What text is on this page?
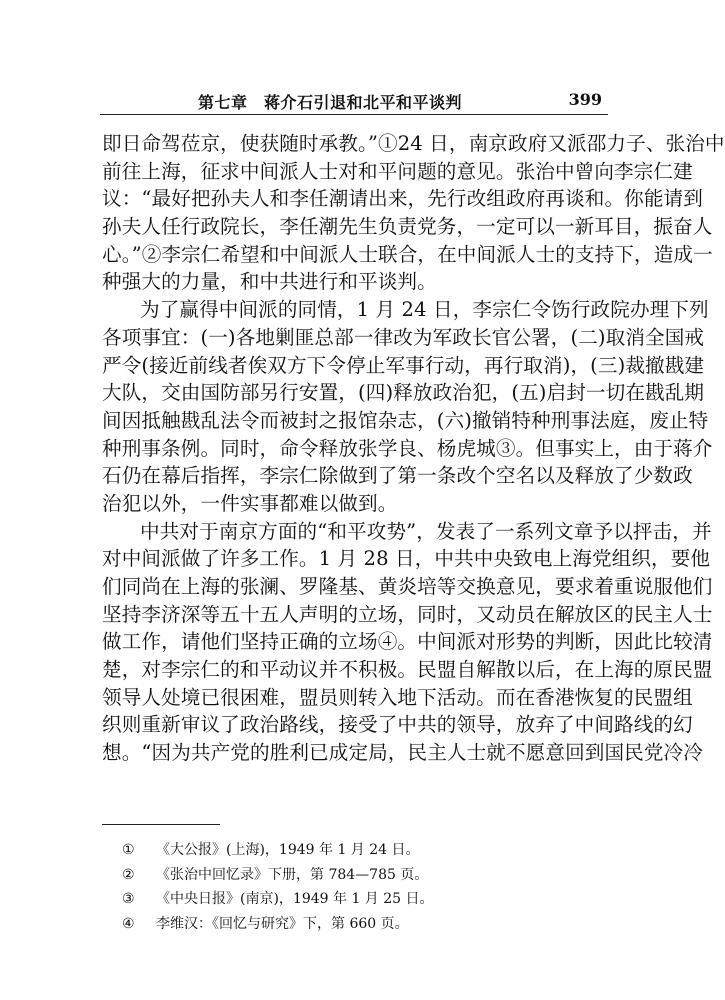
第七章　蒋介石引退和北平和平谈判	399
即日命驾莅京，使获随时承教。”①24 日，南京政府又派邵力子、张治中
前往上海，征求中间派人士对和平问题的意见。张治中曾向李宗仁建
议：“最好把孙夫人和李任潮请出来，先行改组政府再谈和。你能请到
孙夫人任行政院长，李任潮先生负责党务，一定可以一新耳目，振奋人
心。”②李宗仁希望和中间派人士联合，在中间派人士的支持下，造成一
种强大的力量，和中共进行和平谈判。
为了赢得中间派的同情，1 月 24 日，李宗仁令饬行政院办理下列
各项事宜：(一)各地剿匪总部一律改为军政长官公署，(二)取消全国戒
严令(接近前线者俟双方下令停止军事行动，再行取消)，(三)裁撤戡建
大队，交由国防部另行安置，(四)释放政治犯，(五)启封一切在戡乱期
间因抵触戡乱法令而被封之报馆杂志，(六)撤销特种刑事法庭，废止特
种刑事条例。同时，命令释放张学良、杨虎城③。但事实上，由于蒋介
石仍在幕后指挥，李宗仁除做到了第一条改个空名以及释放了少数政
治犯以外，一件实事都难以做到。
中共对于南京方面的“和平攻势”，发表了一系列文章予以抨击，并
对中间派做了许多工作。1 月 28 日，中共中央致电上海党组织，要他
们同尚在上海的张澜、罗隆基、黄炎培等交换意见，要求着重说服他们
坚持李济深等五十五人声明的立场，同时，又动员在解放区的民主人士
做工作，请他们坚持正确的立场④。中间派对形势的判断，因此比较清
楚，对李宗仁的和平动议并不积极。民盟自解散以后，在上海的原民盟
领导人处境已很困难，盟员则转入地下活动。而在香港恢复的民盟组
织则重新审议了政治路线，接受了中共的领导，放弃了中间路线的幻
想。“因为共产党的胜利已成定局，民主人士就不愿意回到国民党冷冷
① 《大公报》(上海)，1949 年 1 月 24 日。
② 《张治中回忆录》下册，第 784—785 页。
③ 《中央日报》(南京)，1949 年 1 月 25 日。
④ 李维汉：《回忆与研究》下，第 660 页。
